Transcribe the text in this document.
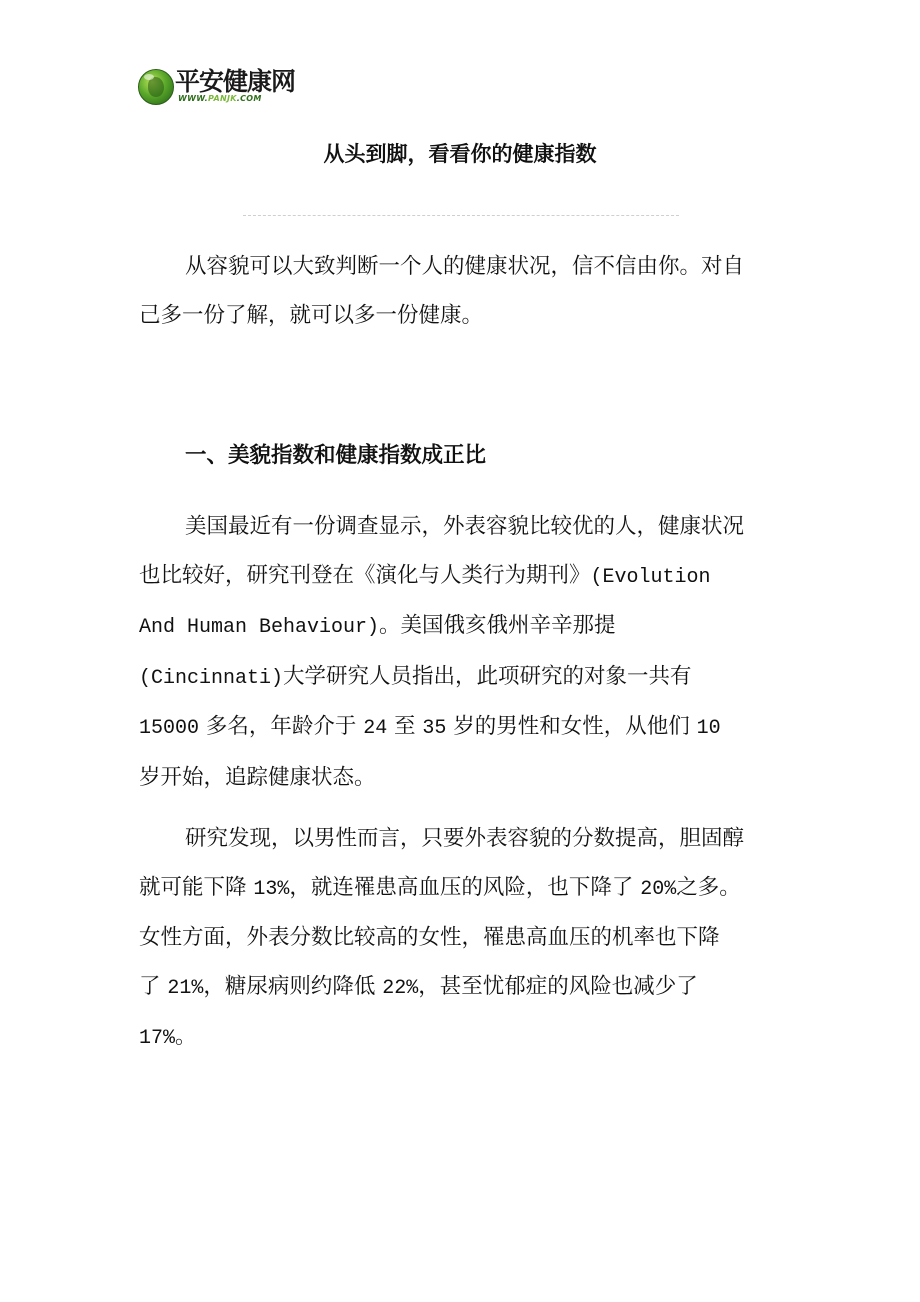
平安健康网
WWW.PANJK.COM
从头到脚，看看你的健康指数

从容貌可以大致判断一个人的健康状况，信不信由你。对自
己多一份了解，就可以多一份健康。

一、美貌指数和健康指数成正比

美国最近有一份调查显示，外表容貌比较优的人，健康状况
也比较好，研究刊登在《演化与人类行为期刊》(Evolution
And Human Behaviour)。美国俄亥俄州辛辛那提
(Cincinnati)大学研究人员指出，此项研究的对象一共有
15000 多名，年龄介于 24 至 35 岁的男性和女性，从他们 10
岁开始，追踪健康状态。

研究发现，以男性而言，只要外表容貌的分数提高，胆固醇
就可能下降 13%，就连罹患高血压的风险，也下降了 20%之多。
女性方面，外表分数比较高的女性，罹患高血压的机率也下降
了 21%，糖尿病则约降低 22%，甚至忧郁症的风险也减少了
17%。
